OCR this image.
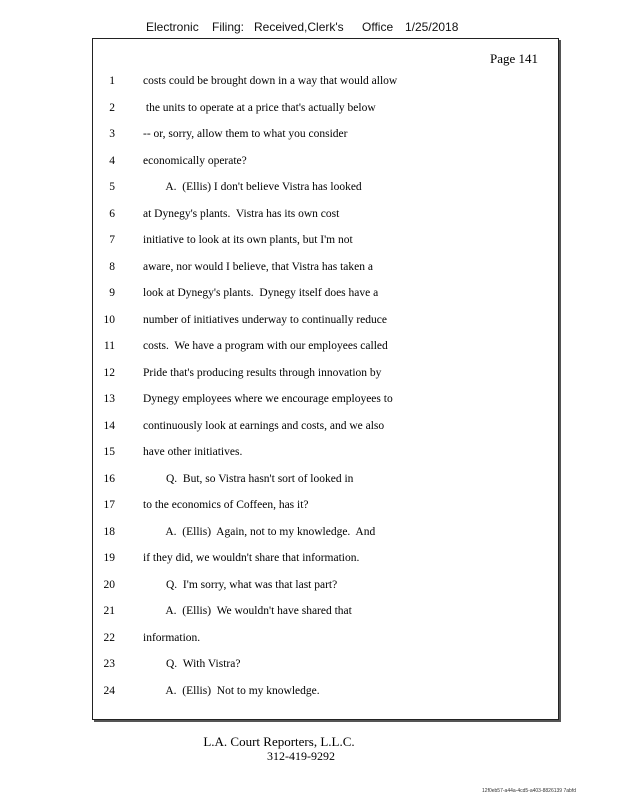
Electronic Filing: Received,Clerk's Office 1/25/2018
Page 141
1 costs could be brought down in a way that would allow
2 the units to operate at a price that's actually below
3 -- or, sorry, allow them to what you consider
4 economically operate?
5 A.  (Ellis) I don't believe Vistra has looked
6 at Dynegy's plants.  Vistra has its own cost
7 initiative to look at its own plants, but I'm not
8 aware, nor would I believe, that Vistra has taken a
9 look at Dynegy's plants.  Dynegy itself does have a
10 number of initiatives underway to continually reduce
11 costs.  We have a program with our employees called
12 Pride that's producing results through innovation by
13 Dynegy employees where we encourage employees to
14 continuously look at earnings and costs, and we also
15 have other initiatives.
16 Q.  But, so Vistra hasn't sort of looked in
17 to the economics of Coffeen, has it?
18 A.  (Ellis)  Again, not to my knowledge.  And
19 if they did, we wouldn't share that information.
20 Q.  I'm sorry, what was that last part?
21 A.  (Ellis)  We wouldn't have shared that
22 information.
23 Q.  With Vistra?
24 A.  (Ellis)  Not to my knowledge.
L.A. Court Reporters, L.L.C.
312-419-9292
12f0eb57-a44a-4cd5-a403-8826139 7abfd
